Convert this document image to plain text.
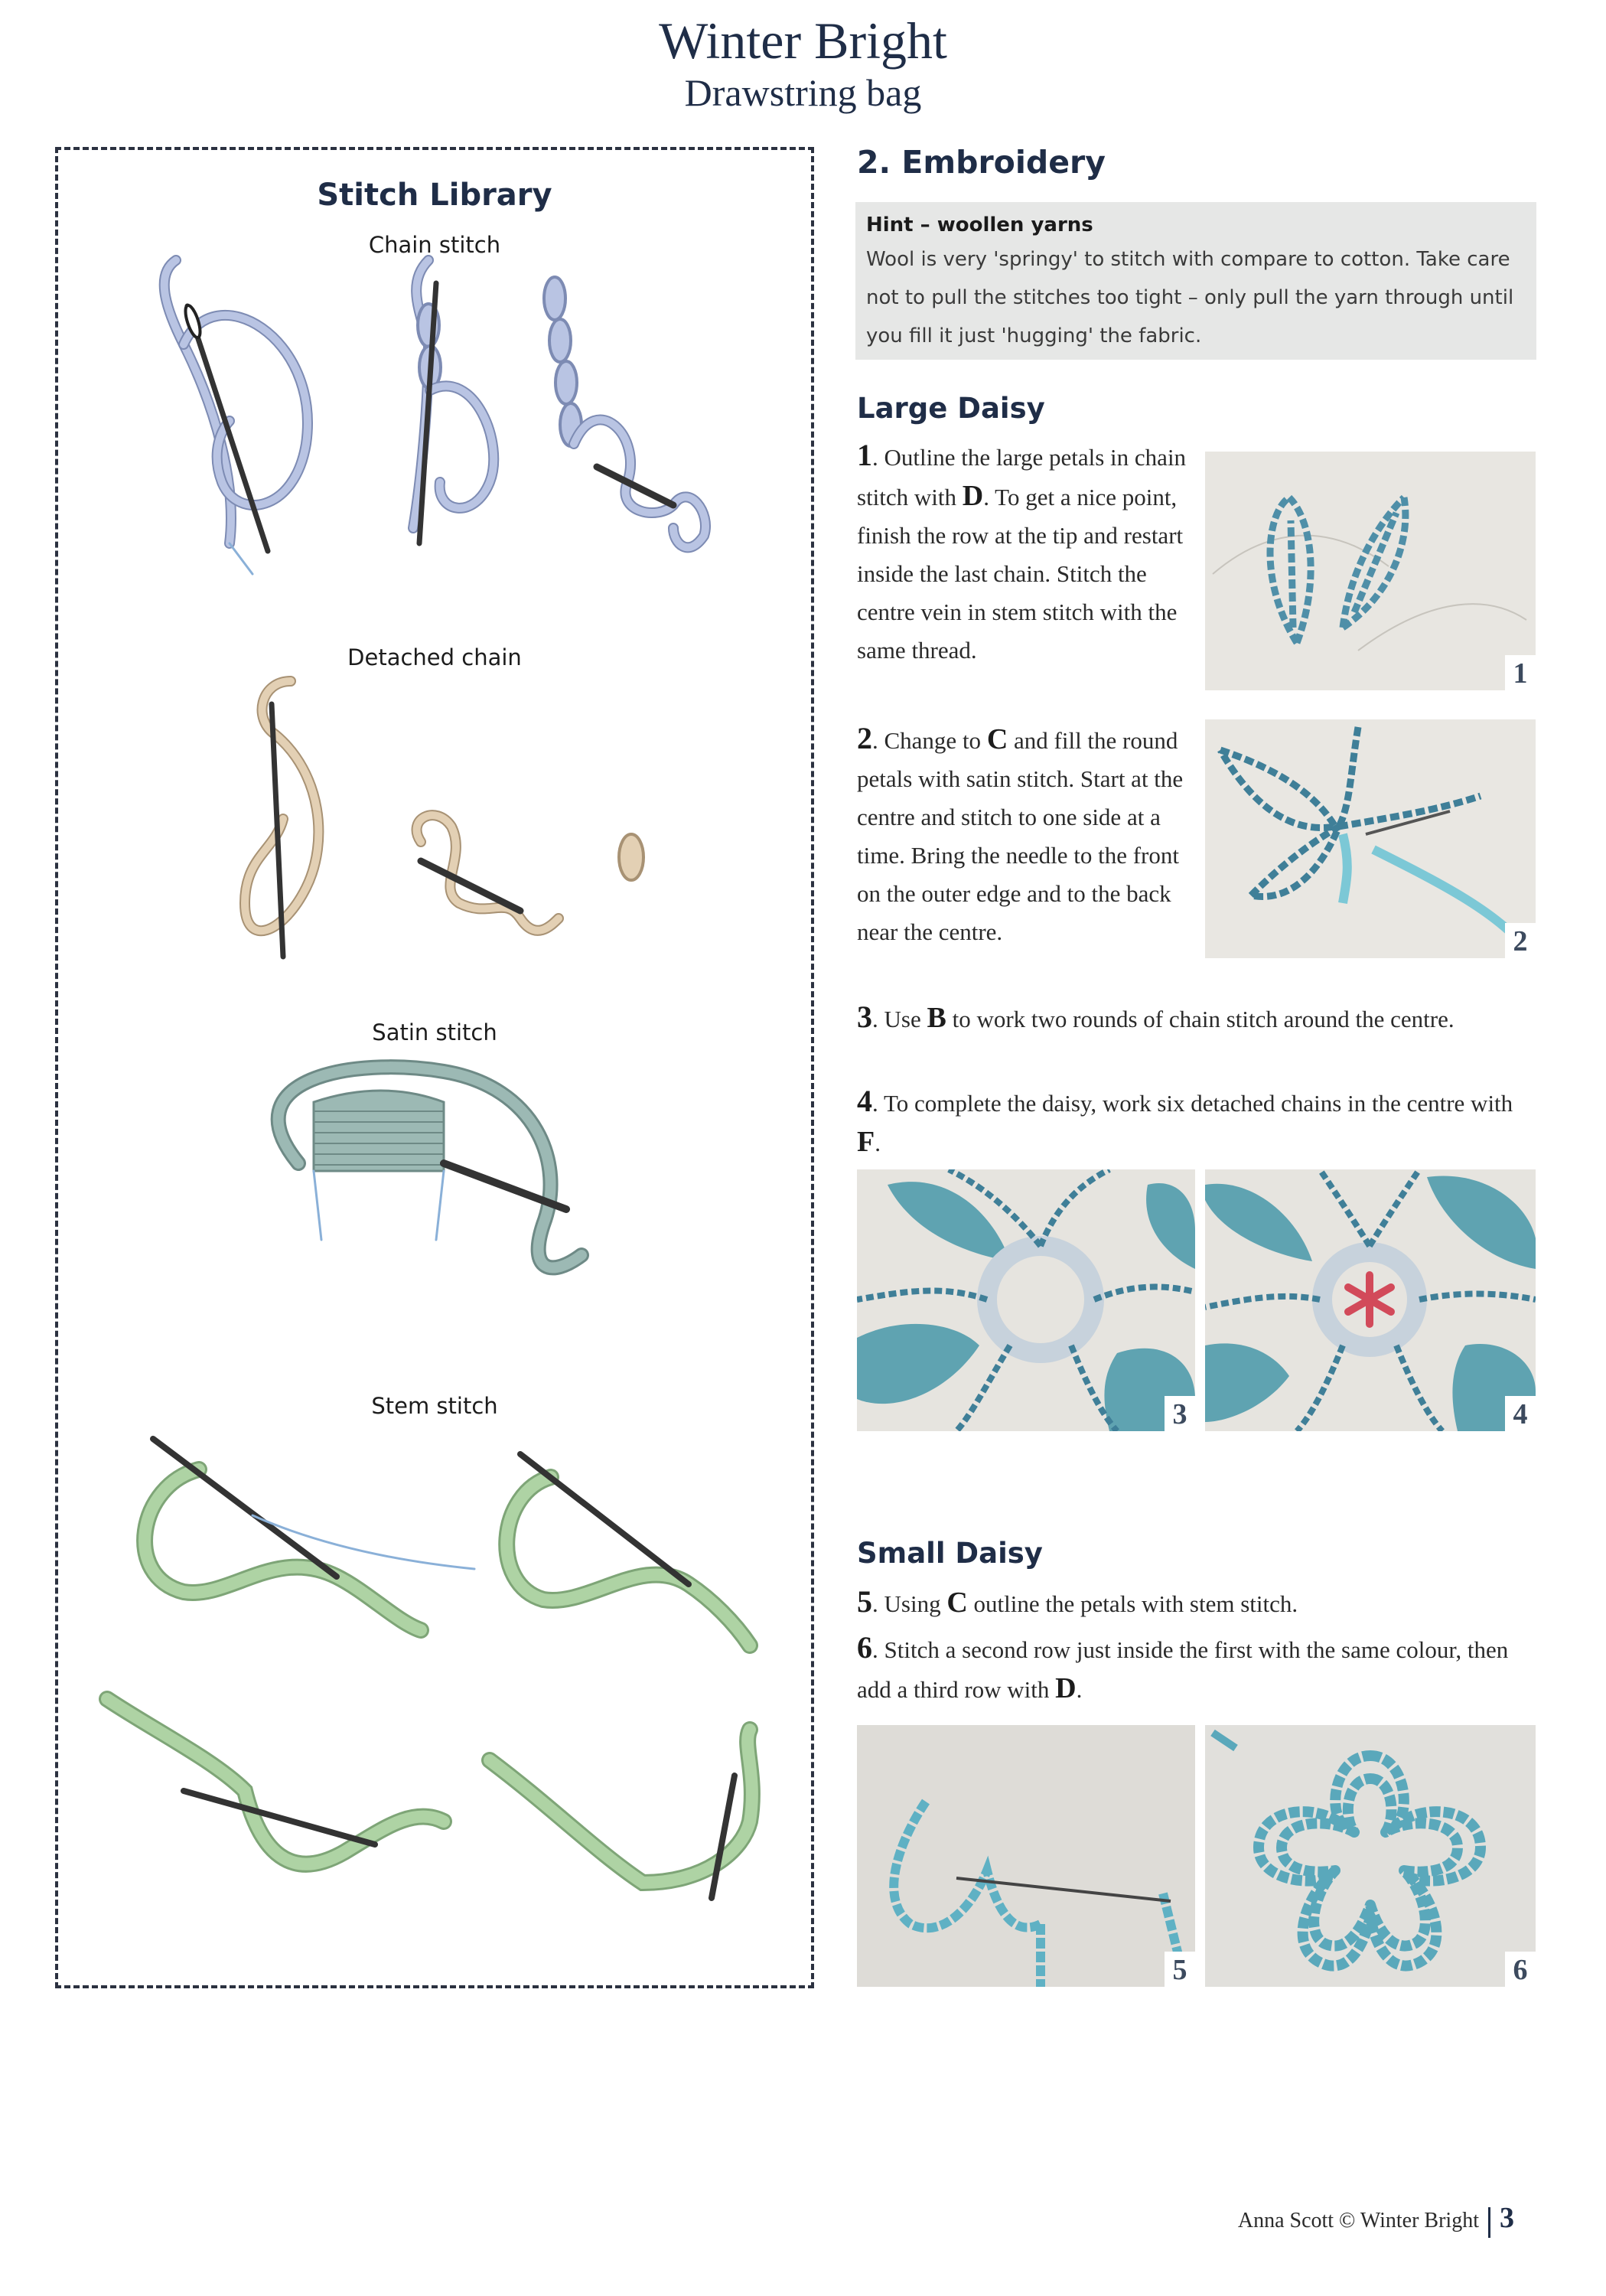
Winter Bright
Drawstring bag
Stitch Library
Chain stitch
Detached chain
Satin stitch
Stem stitch
2. Embroidery
Hint – woollen yarns
Wool is very 'springy' to stitch with compare to cotton. Take care
not to pull the stitches too tight – only pull the yarn through until
you fill it just 'hugging' the fabric.
Large Daisy
1. Outline the large petals in chain stitch with D. To get a nice point, finish the row at the tip and restart inside the last chain. Stitch the centre vein in stem stitch with the same thread.
1
2. Change to C and fill the round petals with satin stitch. Start at the centre and stitch to one side at a time. Bring the needle to the front on the outer edge and to the back near the centre.	2
3. Use B to work two rounds of chain stitch around the centre.
4. To complete the daisy, work six detached chains in the centre with F.
3	4
Small Daisy
5. Using C outline the petals with stem stitch.
6. Stitch a second row just inside the first with the same colour, then add a third row with D.
5	6
Anna Scott © Winter Bright 3
